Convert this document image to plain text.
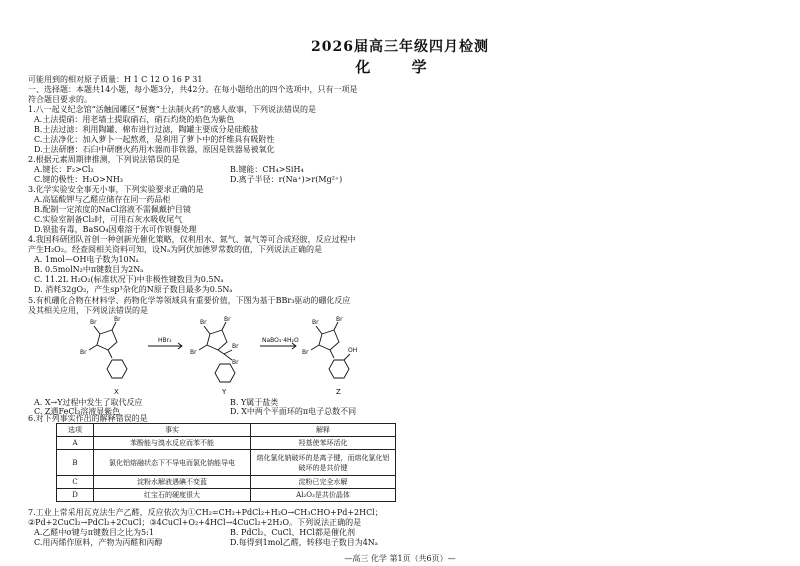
2026届高三年级四月检测
化 学
可能用到的相对原子质量：H 1 C 12 O 16 P 31
一、选择题：本题共14小题，每小题3分，共42分。在每小题给出的四个选项中，只有一项是
符合题目要求的。
1.八一起义纪念馆“活触园雕区”展赛“土法制火药”的感人故事，下列说法错误的是
A.土法提硝：用老墙土提取硝石，硝石灼烧的焰色为紫色
B.土法过滤：利用陶罐、棉布进行过滤，陶罐主要成分是硅酸盐
C.土法净化：加入萝卜一起熬煮，是利用了萝卜中的纤维具有吸附性
D.土法研磨：石臼中研磨火药用木器而非铁器，原因是铁器易被氧化
2.根据元素周期律推测，下列说法错误的是
A.键长：F₂>Cl₂	B.键能：CH₄>SiH₄
C.键的极性：H₂O>NH₃	D.离子半径：r(Na⁺)>r(Mg²⁺)
3.化学实验安全事无小事，下列实验要求正确的是
A.高锰酸钾与乙醛应储存在同一药品柜
B.配制一定浓度的NaCl溶液不需佩戴护目镜
C.实验室制备Cl₂时，可用石灰水吸收尾气
D.钡盐有毒，BaSO₄因难溶于水可作钡餐处理
4.我国科研团队首创一种创新光催化策略，仅利用水、氮气、氧气等可合成羟胺，反应过程中
产生H₂O₂。经查阅相关资料可知，设Nₐ为阿伏加德罗常数的值，下列说法正确的是
A. 1mol—OH电子数为10Nₐ
B. 0.5molN₂中π键数目为2Nₐ
C. 11.2L H₂O₂(标准状况下)中非极性键数目为0.5Nₐ
D. 消耗32gO₂，产生sp³杂化的N原子数目最多为0.5Nₐ
5.有机硼化合物在材料学、药物化学等领域具有重要价值，下图为基于BBr₃驱动的硼化反应
及其相关应用，下列说法错误的是
Br	Br
Br
Br	Br
Br
Br
Br
Br	Br
Br	OH
HBr₃	NaBO₃·4H₂O
X	Y	Z
A. X→Y过程中发生了取代反应	B. Y属于盐类
C. Z遇FeCl₃溶液显紫色	D. X中两个平面环的π电子总数不同
6.对下列事实作出的解释错误的是
选项	事实	解释
A	苯酚能与溴水反应而苯不能	羟基使苯环活化
B	氯化铝熔融状态下不导电而氯化钠能导电	熔化氯化钠破坏的是离子键，而熔化氯化铝破坏的是共价键
C	淀粉水解液遇碘不变蓝	淀粉已完全水解
D	红宝石的硬度很大	Al₂O₃是共价晶体
7.工业上常采用瓦克法生产乙醛，反应依次为①CH₂=CH₂+PdCl₂+H₂O→CH₃CHO+Pd+2HCl；
②Pd+2CuCl₂→PdCl₂+2CuCl；③4CuCl+O₂+4HCl→4CuCl₂+2H₂O。下列说法正确的是
A.乙醛中σ键与π键数目之比为5:1	B. PdCl₂、CuCl、HCl都是催化剂
C.用丙烯作原料，产物为丙醛和丙醇	D.每得到1mol乙醛，转移电子数目为4Nₐ
—高三 化学 第1页（共6页）—
